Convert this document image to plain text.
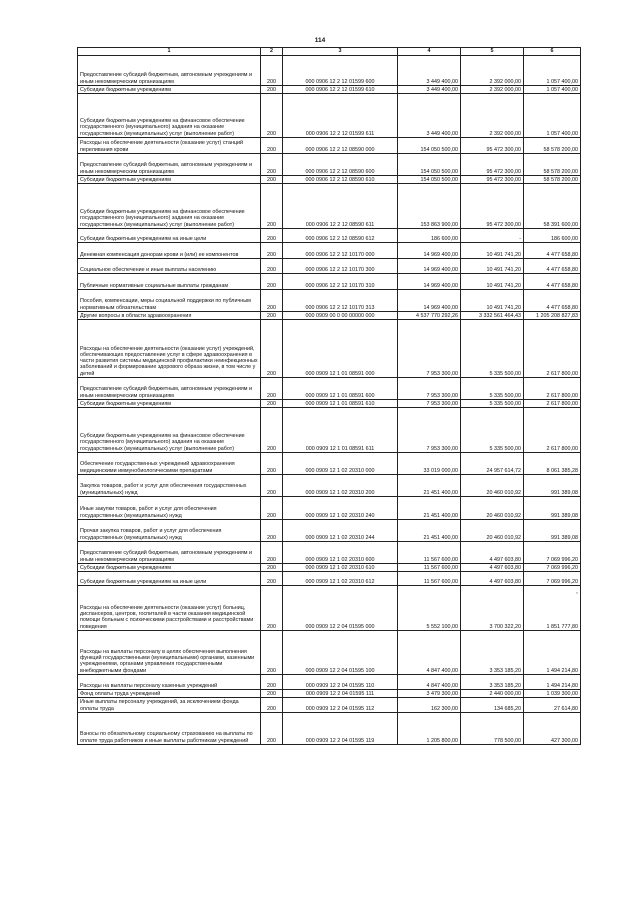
114
1	2	3	4	5	6
Предоставление субсидий бюджетным, автономным учреждениям и иным некоммерческим организациям	200	000 0906 12 2 12 01599 600	3 449 400,00	2 392 000,00	1 057 400,00
Субсидии бюджетным учреждениям	200	000 0906 12 2 12 01599 610	3 449 400,00	2 392 000,00	1 057 400,00
Субсидии бюджетным учреждениям на финансовое обеспечение государственного (муниципального) задания на оказание государственных (муниципальных) услуг (выполнение работ)	200	000 0906 12 2 12 01599 611	3 449 400,00	2 392 000,00	1 057 400,00
Расходы на обеспечение деятельности (оказание услуг) станций переливания крови	200	000 0906 12 2 12 08590 000	154 050 500,00	95 472 300,00	58 578 200,00
Предоставление субсидий бюджетным, автономным учреждениям и иным некоммерческим организациям	200	000 0906 12 2 12 08590 600	154 050 500,00	95 472 300,00	58 578 200,00
Субсидии бюджетным учреждениям	200	000 0906 12 2 12 08590 610	154 050 500,00	95 472 300,00	58 578 200,00
Субсидии бюджетным учреждениям на финансовое обеспечение государственного (муниципального) задания на оказание государственных (муниципальных) услуг (выполнение работ)	200	000 0906 12 2 12 08590 611	153 863 900,00	95 472 300,00	58 391 600,00
Субсидии бюджетным учреждениям на иные цели	200	000 0906 12 2 12 08590 612	186 600,00	-	186 600,00
Денежная компенсация донорам крови и (или) ее компонентов	200	000 0906 12 2 12 10170 000	14 969 400,00	10 491 741,20	4 477 658,80
Социальное обеспечение и иные выплаты населению	200	000 0906 12 2 12 10170 300	14 969 400,00	10 491 741,20	4 477 658,80
Публичные нормативные социальные выплаты гражданам	200	000 0906 12 2 12 10170 310	14 969 400,00	10 491 741,20	4 477 658,80
Пособия, компенсации, меры социальной поддержки по публичным нормативным обязательствам	200	000 0906 12 2 12 10170 313	14 969 400,00	10 491 741,20	4 477 658,80
Другие вопросы в области здравоохранения	200	000 0909 00 0 00 00000 000	4 537 770 292,26	3 332 561 464,43	1 205 208 827,83
Расходы на обеспечение деятельности (оказание услуг) учреждений, обеспечивающих предоставление услуг в сфере здравоохранения в части развития системы медицинской профилактики неинфекционных заболеваний и формирование здорового образа жизни, в том числе у детей	200	000 0909 12 1 01 08591 000	7 953 300,00	5 335 500,00	2 617 800,00
Предоставление субсидий бюджетным, автономным учреждениям и иным некоммерческим организациям	200	000 0909 12 1 01 08591 600	7 953 300,00	5 335 500,00	2 617 800,00
Субсидии бюджетным учреждениям	200	000 0909 12 1 01 08591 610	7 953 300,00	5 335 500,00	2 617 800,00
Субсидии бюджетным учреждениям на финансовое обеспечение государственного (муниципального) задания на оказание государственных (муниципальных) услуг (выполнение работ)	200	000 0909 12 1 01 08591 611	7 953 300,00	5 335 500,00	2 617 800,00
Обеспечение государственных учреждений здравоохранения медицинскими иммунобиологическими препаратами	200	000 0909 12 1 02 20310 000	33 019 000,00	24 957 614,72	8 061 385,28
Закупка товаров, работ и услуг для обеспечения государственных (муниципальных) нужд	200	000 0909 12 1 02 20310 200	21 451 400,00	20 460 010,92	991 389,08
Иные закупки товаров, работ и услуг для обеспечения государственных (муниципальных) нужд	200	000 0909 12 1 02 20310 240	21 451 400,00	20 460 010,92	991 389,08
Прочая закупка товаров, работ и услуг для обеспечения государственных (муниципальных) нужд	200	000 0909 12 1 02 20310 244	21 451 400,00	20 460 010,92	991 389,08
Предоставление субсидий бюджетным, автономным учреждениям и иным некоммерческим организациям	200	000 0909 12 1 02 20310 600	11 567 600,00	4 497 603,80	7 069 996,20
Субсидии бюджетным учреждениям	200	000 0909 12 1 02 20310 610	11 567 600,00	4 497 603,80	7 069 996,20
Субсидии бюджетным учреждениям на иные цели	200	000 0909 12 1 02 20310 612	11 567 600,00	4 497 603,80	7 069 996,20
Расходы на обеспечение деятельности (оказание услуг) больниц, диспансеров, центров, госпиталей в части оказания медицинской помощи больным с психическими расстройствами и расстройствами поведения	200	000 0909 12 2 04 01595 000	5 552 100,00	3 700 322,20	1 851 777,80
Расходы на выплаты персоналу в целях обеспечения выполнения функций государственными (муниципальными) органами, казенными учреждениями, органами управления государственными внебюджетными фондами	200	000 0909 12 2 04 01595 100	4 847 400,00	3 353 185,20	1 494 214,80
Расходы на выплаты персоналу казенных учреждений	200	000 0909 12 2 04 01595 110	4 847 400,00	3 353 185,20	1 494 214,80
Фонд оплаты труда учреждений	200	000 0909 12 2 04 01595 111	3 479 300,00	2 440 000,00	1 039 300,00
Иные выплаты персоналу учреждений, за исключением фонда оплаты труда	200	000 0909 12 2 04 01595 112	162 300,00	134 685,20	27 614,80
Взносы по обязательному социальному страхованию на выплаты по оплате труда работников и иные выплаты работникам учреждений	200	000 0909 12 2 04 01595 119	1 205 800,00	778 500,00	427 300,00
,
